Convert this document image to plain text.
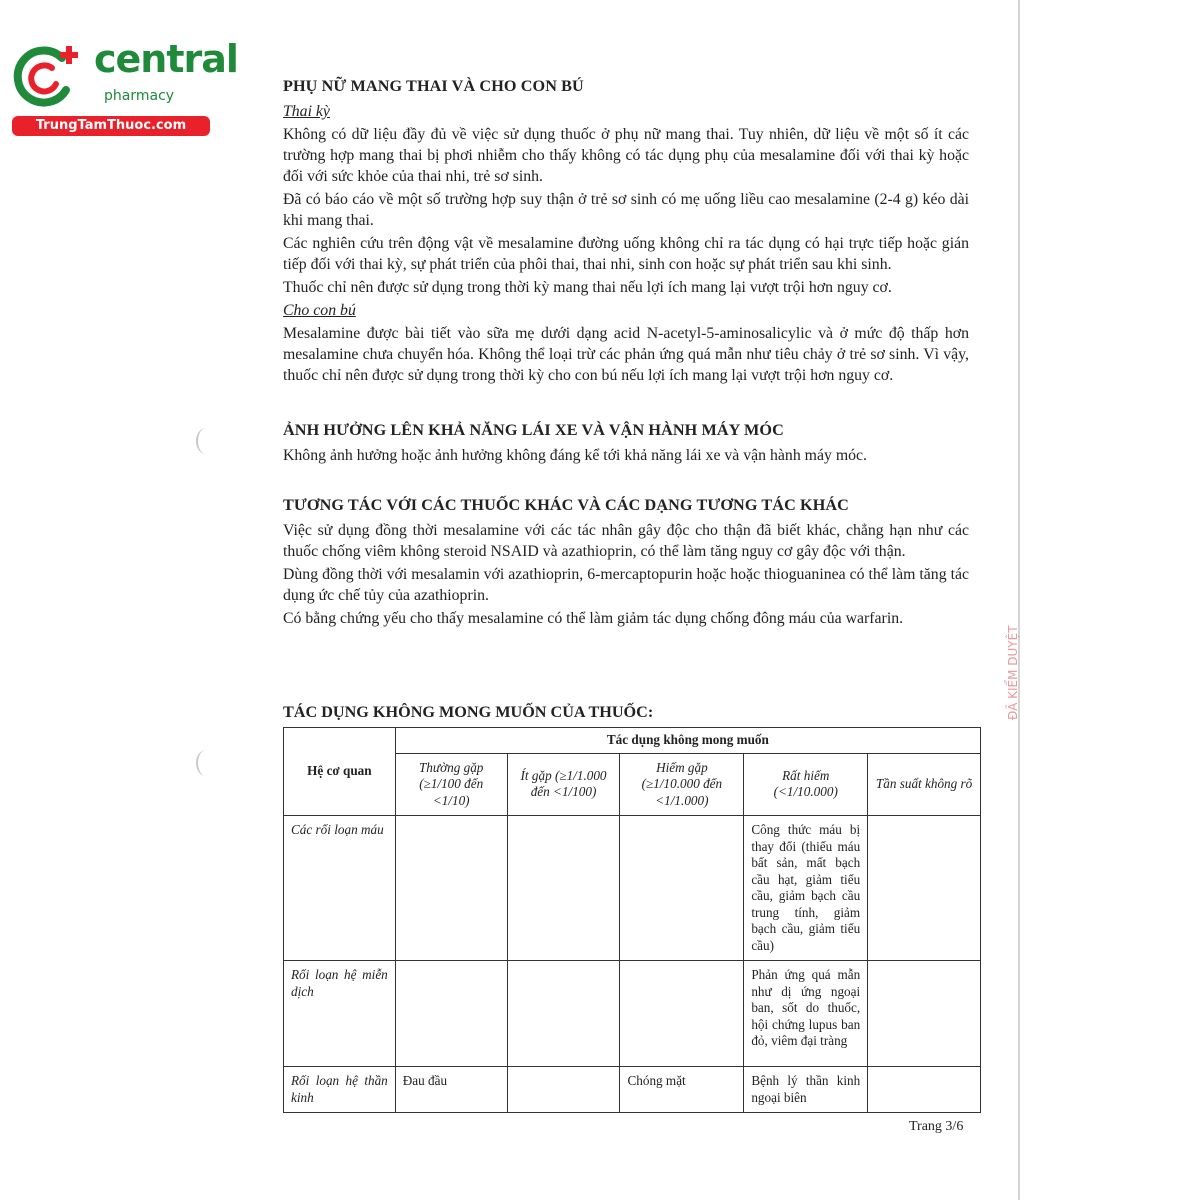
central
pharmacy
TrungTamThuoc.com
ĐÃ KIỂM DUYỆT
PHỤ NỮ MANG THAI VÀ CHO CON BÚ
Thai kỳ

Không có dữ liệu đầy đủ về việc sử dụng thuốc ở phụ nữ mang thai. Tuy nhiên, dữ liệu về một số ít các trường hợp mang thai bị phơi nhiễm cho thấy không có tác dụng phụ của mesalamine đối với thai kỳ hoặc đối với sức khỏe của thai nhi, trẻ sơ sinh.

Đã có báo cáo về một số trường hợp suy thận ở trẻ sơ sinh có mẹ uống liều cao mesalamine (2-4 g) kéo dài khi mang thai.

Các nghiên cứu trên động vật về mesalamine đường uống không chỉ ra tác dụng có hại trực tiếp hoặc gián tiếp đối với thai kỳ, sự phát triển của phôi thai, thai nhi, sinh con hoặc sự phát triển sau khi sinh.

Thuốc chỉ nên được sử dụng trong thời kỳ mang thai nếu lợi ích mang lại vượt trội hơn nguy cơ.

Cho con bú

Mesalamine được bài tiết vào sữa mẹ dưới dạng acid N-acetyl-5-aminosalicylic và ở mức độ thấp hơn mesalamine chưa chuyển hóa. Không thể loại trừ các phản ứng quá mẫn như tiêu chảy ở trẻ sơ sinh. Vì vậy, thuốc chỉ nên được sử dụng trong thời kỳ cho con bú nếu lợi ích mang lại vượt trội hơn nguy cơ.

ẢNH HƯỞNG LÊN KHẢ NĂNG LÁI XE VÀ VẬN HÀNH MÁY MÓC

Không ảnh hưởng hoặc ảnh hưởng không đáng kể tới khả năng lái xe và vận hành máy móc.

TƯƠNG TÁC VỚI CÁC THUỐC KHÁC VÀ CÁC DẠNG TƯƠNG TÁC KHÁC

Việc sử dụng đồng thời mesalamine với các tác nhân gây độc cho thận đã biết khác, chẳng hạn như các thuốc chống viêm không steroid NSAID và azathioprin, có thể làm tăng nguy cơ gây độc với thận.

Dùng đồng thời với mesalamin với azathioprin, 6-mercaptopurin hoặc hoặc thioguaninea có thể làm tăng tác dụng ức chế tủy của azathioprin.

Có bằng chứng yếu cho thấy mesalamine có thể làm giảm tác dụng chống đông máu của warfarin.

TÁC DỤNG KHÔNG MONG MUỐN CỦA THUỐC:
Hệ cơ quan	Tác dụng không mong muốn				
	Thường gặp (≥1/100 đến <1/10)	Ít gặp (≥1/1.000 đến <1/100)	Hiếm gặp (≥1/10.000 đến <1/1.000)	Rất hiếm (<1/10.000)	Tần suất không rõ
Các rối loạn máu				Công thức máu bị thay đổi (thiếu máu bất sản, mất bạch cầu hạt, giảm tiểu cầu, giảm bạch cầu trung tính, giảm bạch cầu, giảm tiểu cầu)	
Rối loạn hệ miễn dịch				Phản ứng quá mẫn như dị ứng ngoại ban, sốt do thuốc, hội chứng lupus ban đỏ, viêm đại tràng	
Rối loạn hệ thần kinh	Đau đầu		Chóng mặt	Bệnh lý thần kinh ngoại biên	
Trang 3/6
